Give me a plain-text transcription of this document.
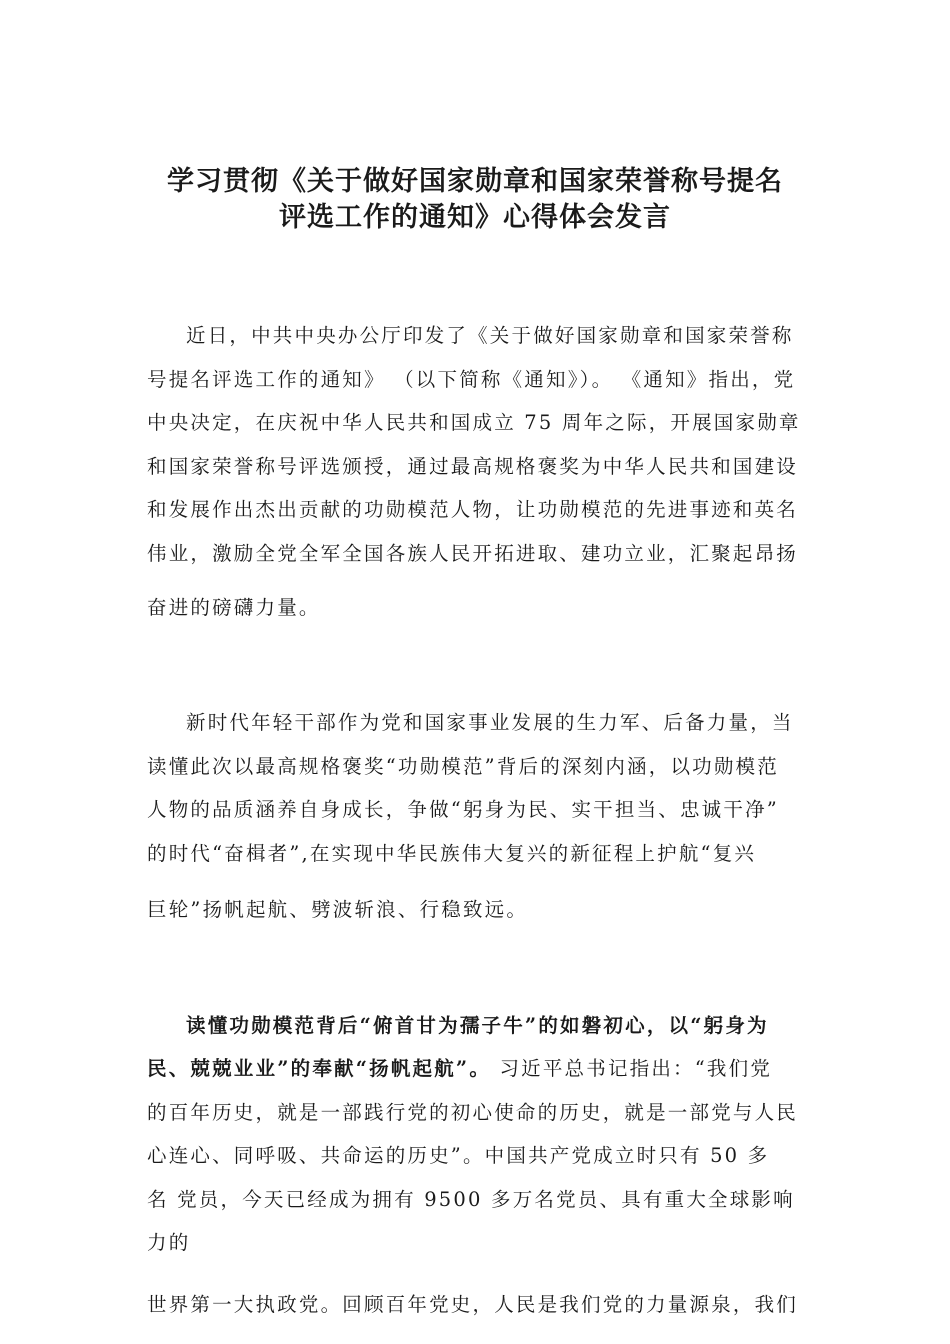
学习贯彻《关于做好国家勋章和国家荣誉称号提名
评选工作的通知》心得体会发言
近日，中共中央办公厅印发了《关于做好国家勋章和国家荣誉称
号提名评选工作的通知》 （以下简称《通知》）。 《通知》指出，党
中央决定，在庆祝中华人民共和国成立 75 周年之际，开展国家勋章
和国家荣誉称号评选颁授，通过最高规格褒奖为中华人民共和国建设
和发展作出杰出贡献的功勋模范人物，让功勋模范的先进事迹和英名
伟业，激励全党全军全国各族人民开拓进取、建功立业，汇聚起昂扬
奋进的磅礴力量。
新时代年轻干部作为党和国家事业发展的生力军、后备力量，当
读懂此次以最高规格褒奖“功勋模范”背后的深刻内涵，以功勋模范
人物的品质涵养自身成长，争做“躬身为民、实干担当、忠诚干净”
的时代“奋楫者”,在实现中华民族伟大复兴的新征程上护航“复兴
巨轮”扬帆起航、劈波斩浪、行稳致远。
读懂功勋模范背后“俯首甘为孺子牛”的如磐初心，以“躬身为
民、兢兢业业”的奉献“扬帆起航”。 习近平总书记指出：“我们党
的百年历史，就是一部践行党的初心使命的历史，就是一部党与人民
心连心、同呼吸、共命运的历史”。中国共产党成立时只有 50 多
名 党员，今天已经成为拥有 9500 多万名党员、具有重大全球影响
力的
世界第一大执政党。回顾百年党史，人民是我们党的力量源泉，我们
